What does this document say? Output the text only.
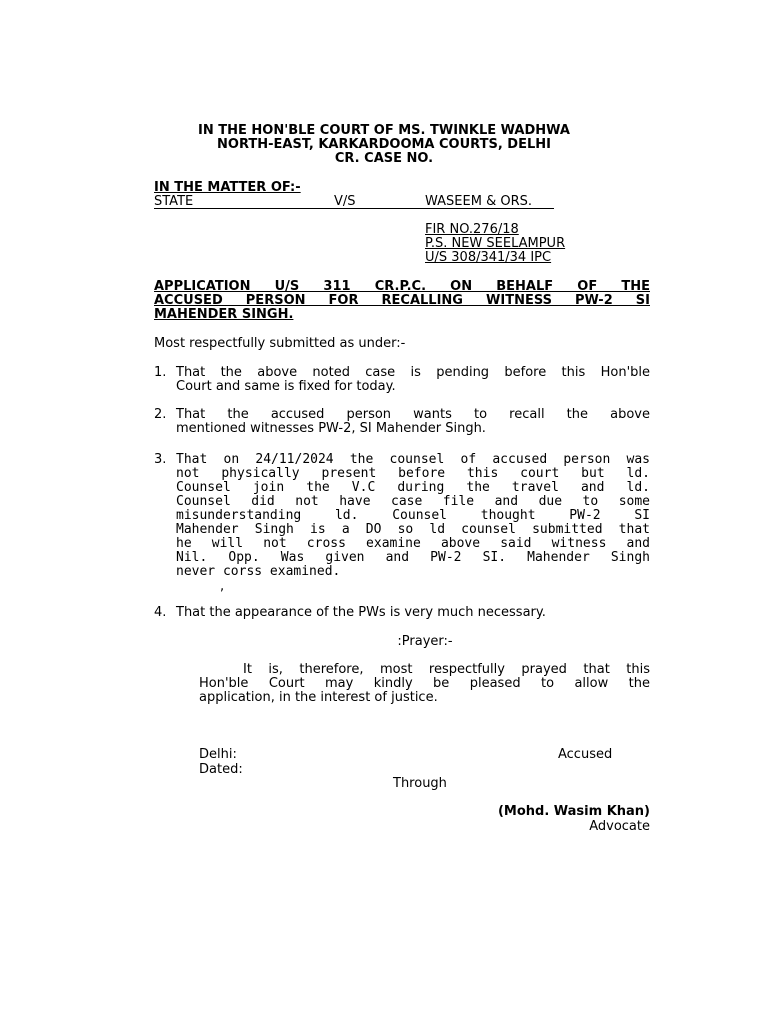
IN THE HON'BLE COURT OF MS. TWINKLE WADHWA
NORTH-EAST, KARKARDOOMA COURTS, DELHI
CR. CASE NO.
IN THE MATTER OF:-
STATE	V/S	WASEEM & ORS.
FIR NO.276/18
P.S. NEW SEELAMPUR
U/S 308/341/34 IPC
APPLICATION U/S 311 CR.P.C. ON BEHALF OF THE
ACCUSED PERSON FOR RECALLING WITNESS PW-2 SI
MAHENDER SINGH.
Most respectfully submitted as under:-
1. That the above noted case is pending before this Hon'ble
Court and same is fixed for today.
2. That the accused person wants to recall the above
mentioned witnesses PW-2, SI Mahender Singh.
3. That on 24/11/2024 the counsel of accused person was
not physically present before this court but ld.
Counsel join the V.C during the travel and ld.
Counsel did not have case file and due to some
misunderstanding ld. Counsel thought PW-2 SI
Mahender Singh is a DO so ld counsel submitted that
he will not cross examine above said witness and
Nil. Opp. Was given and PW-2 SI. Mahender Singh
never corss examined.
,
4. That the appearance of the PWs is very much necessary.
:Prayer:-
It is, therefore, most respectfully prayed that this
Hon'ble Court may kindly be pleased to allow the
application, in the interest of justice.
Delhi:	Accused
Dated:
Through
(Mohd. Wasim Khan)
Advocate
